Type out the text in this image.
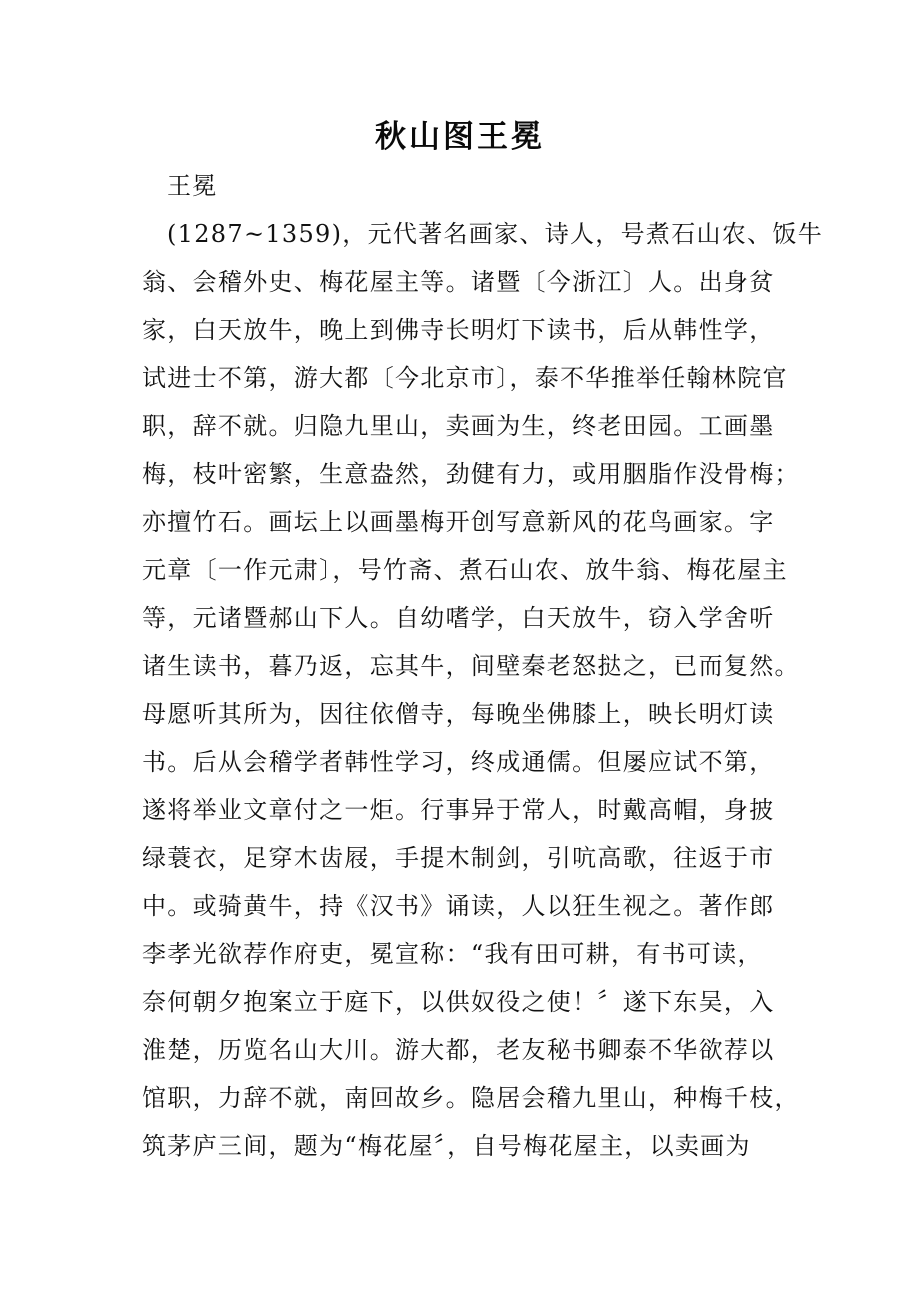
秋山图王冕
王冕
(1287~1359)，元代著名画家、诗人，号煮石山农、饭牛
翁、会稽外史、梅花屋主等。诸暨〔今浙江〕人。出身贫
家，白天放牛，晚上到佛寺长明灯下读书，后从韩性学，
试进士不第，游大都〔今北京市〕，泰不华推举任翰林院官
职，辞不就。归隐九里山，卖画为生，终老田园。工画墨
梅，枝叶密繁，生意盎然，劲健有力，或用胭脂作没骨梅；
亦擅竹石。画坛上以画墨梅开创写意新风的花鸟画家。字
元章〔一作元肃〕，号竹斋、煮石山农、放牛翁、梅花屋主
等，元诸暨郝山下人。自幼嗜学，白天放牛，窃入学舍听
诸生读书，暮乃返，忘其牛，间壁秦老怒挞之，已而复然。
母愿听其所为，因往依僧寺，每晚坐佛膝上，映长明灯读
书。后从会稽学者韩性学习，终成通儒。但屡应试不第，
遂将举业文章付之一炬。行事异于常人，时戴高帽，身披
绿蓑衣，足穿木齿屐，手提木制剑，引吭高歌，往返于市
中。或骑黄牛，持《汉书》诵读，人以狂生视之。著作郎
李孝光欲荐作府吏，冕宣称：“我有田可耕，有书可读，
奈何朝夕抱案立于庭下，以供奴役之使！〞遂下东吴，入
淮楚，历览名山大川。游大都，老友秘书卿泰不华欲荐以
馆职，力辞不就，南回故乡。隐居会稽九里山，种梅千枝，
筑茅庐三间，题为“梅花屋〞，自号梅花屋主，以卖画为
